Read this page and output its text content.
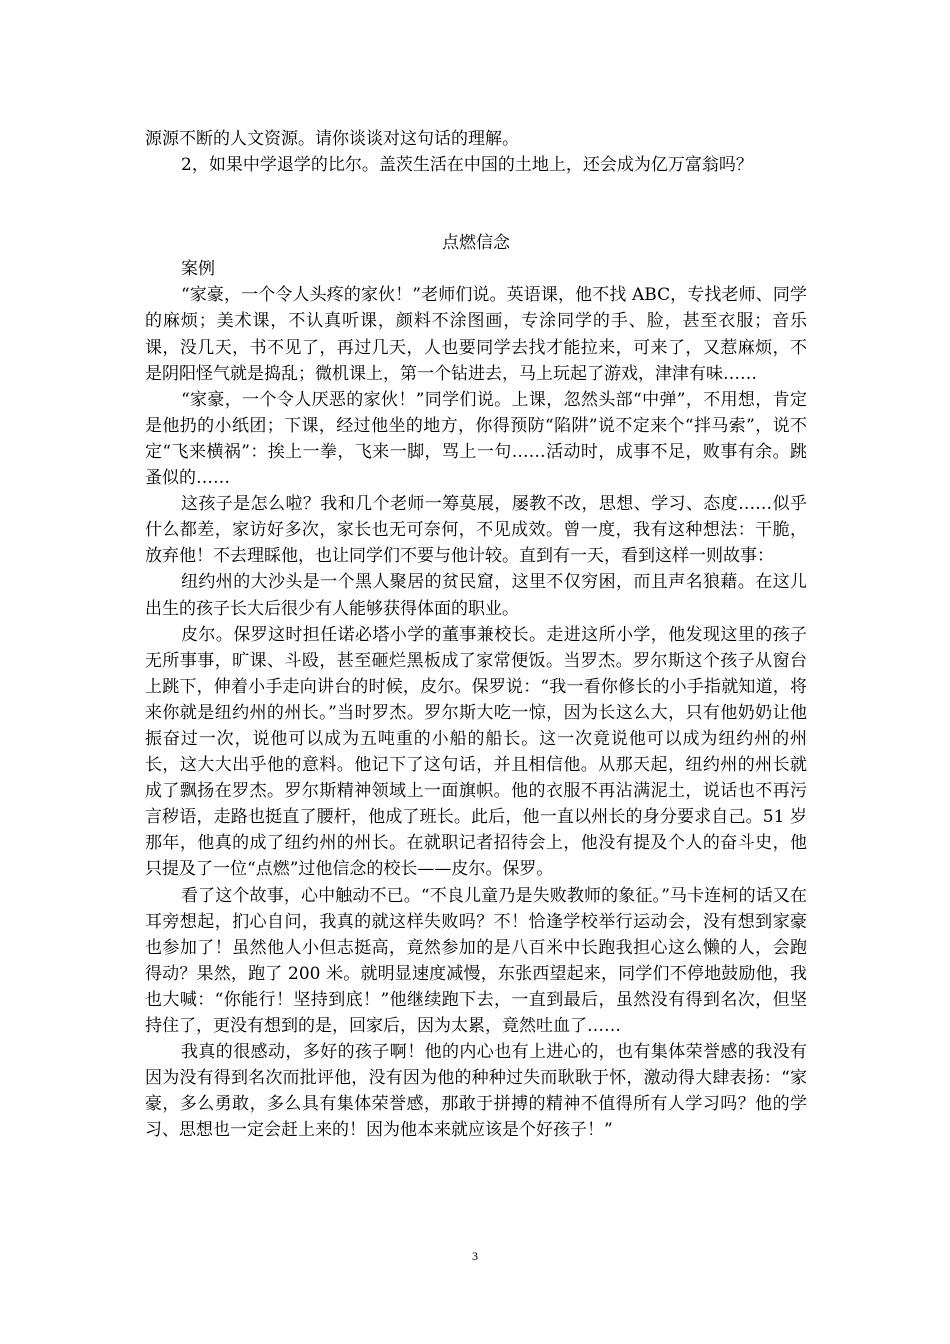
源源不断的人文资源。请你谈谈对这句话的理解。

2，如果中学退学的比尔。盖茨生活在中国的土地上，还会成为亿万富翁吗？

点燃信念

案例

“家豪，一个令人头疼的家伙！”老师们说。英语课，他不找 ABC，专找老师、同学的麻烦；美术课，不认真听课，颜料不涂图画，专涂同学的手、脸，甚至衣服；音乐课，没几天，书不见了，再过几天，人也要同学去找才能拉来，可来了，又惹麻烦，不是阴阳怪气就是捣乱；微机课上，第一个钻进去，马上玩起了游戏，津津有味……

“家豪，一个令人厌恶的家伙！”同学们说。上课，忽然头部“中弹”，不用想，肯定是他扔的小纸团；下课，经过他坐的地方，你得预防“陷阱”说不定来个“拌马索”，说不定“飞来横祸”：挨上一拳，飞来一脚，骂上一句……活动时，成事不足，败事有余。跳蚤似的……

这孩子是怎么啦？我和几个老师一筹莫展，屡教不改，思想、学习、态度……似乎什么都差，家访好多次，家长也无可奈何，不见成效。曾一度，我有这种想法：干脆，放弃他！不去理睬他，也让同学们不要与他计较。直到有一天，看到这样一则故事：

纽约州的大沙头是一个黑人聚居的贫民窟，这里不仅穷困，而且声名狼藉。在这儿出生的孩子长大后很少有人能够获得体面的职业。

皮尔。保罗这时担任诺必塔小学的董事兼校长。走进这所小学，他发现这里的孩子无所事事，旷课、斗殴，甚至砸烂黑板成了家常便饭。当罗杰。罗尔斯这个孩子从窗台上跳下，伸着小手走向讲台的时候，皮尔。保罗说：“我一看你修长的小手指就知道，将来你就是纽约州的州长。”当时罗杰。罗尔斯大吃一惊，因为长这么大，只有他奶奶让他振奋过一次，说他可以成为五吨重的小船的船长。这一次竟说他可以成为纽约州的州长，这大大出乎他的意料。他记下了这句话，并且相信他。从那天起，纽约州的州长就成了飘扬在罗杰。罗尔斯精神领域上一面旗帜。他的衣服不再沾满泥土，说话也不再污言秽语，走路也挺直了腰杆，他成了班长。此后，他一直以州长的身分要求自己。51 岁那年，他真的成了纽约州的州长。在就职记者招待会上，他没有提及个人的奋斗史，他只提及了一位“点燃”过他信念的校长——皮尔。保罗。

看了这个故事，心中触动不已。“不良儿童乃是失败教师的象征。”马卡连柯的话又在耳旁想起，扪心自问，我真的就这样失败吗？不！恰逢学校举行运动会，没有想到家豪也参加了！虽然他人小但志挺高，竟然参加的是八百米中长跑我担心这么懒的人，会跑得动？果然，跑了 200 米。就明显速度减慢，东张西望起来，同学们不停地鼓励他，我也大喊：“你能行！坚持到底！”他继续跑下去，一直到最后，虽然没有得到名次，但坚持住了，更没有想到的是，回家后，因为太累，竟然吐血了……

我真的很感动，多好的孩子啊！他的内心也有上进心的，也有集体荣誉感的我没有因为没有得到名次而批评他，没有因为他的种种过失而耿耿于怀，激动得大肆表扬：“家豪，多么勇敢，多么具有集体荣誉感，那敢于拼搏的精神不值得所有人学习吗？他的学习、思想也一定会赶上来的！因为他本来就应该是个好孩子！”

3
